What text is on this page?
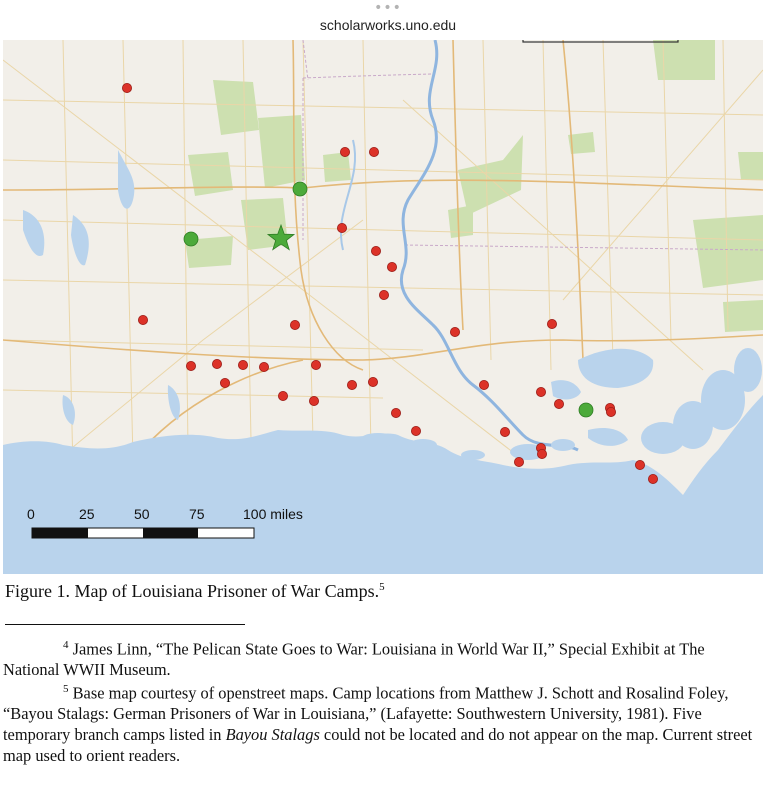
•••
scholarworks.uno.edu
0	25	50	75	100 miles
Figure 1. Map of Louisiana Prisoner of War Camps.$^5$
$^4$ James Linn, “The Pelican State Goes to War: Louisiana in World War II,” Special Exhibit at The National WWII Museum.
$^5$ Base map courtesy of openstreet maps. Camp locations from Matthew J. Schott and Rosalind Foley, “Bayou Stalags: German Prisoners of War in Louisiana,” (Lafayette: Southwestern University, 1981). Five temporary branch camps listed in Bayou Stalags could not be located and do not appear on the map. Current street map used to orient readers.
